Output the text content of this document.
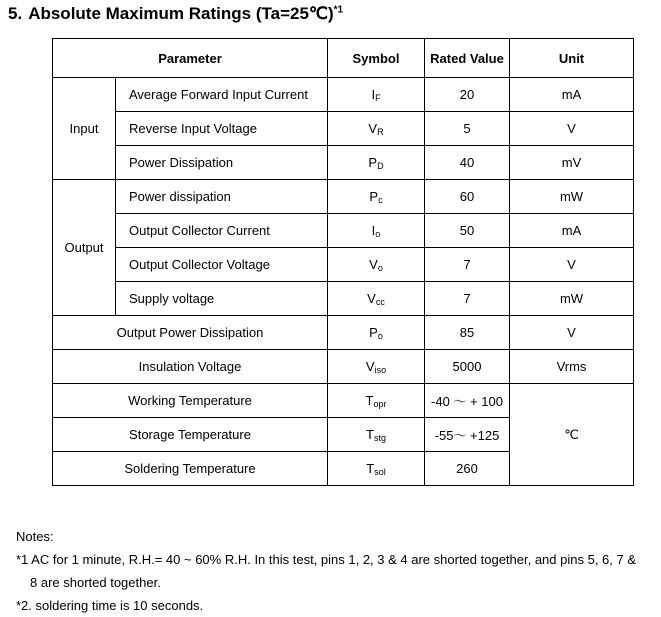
5. Absolute Maximum Ratings (Ta=25℃)$^{*1}$
Parameter		Symbol	Rated Value	Unit
Input	Average Forward Input Current	$I_F$	20	mA
	Reverse Input Voltage	$V_R$	5	V
	Power Dissipation	$P_D$	40	mV
Output	Power dissipation	$P_c$	60	mW
	Output Collector Current	$I_o$	50	mA
	Output Collector Voltage	$V_o$	7	V
	Supply voltage	$V_{cc}$	7	mW
Output Power Dissipation		$P_o$	85	V
Insulation Voltage		$V_{iso}$	5000	Vrms
Working Temperature		$T_{opr}$	-40 ～ + 100	℃
Storage Temperature		$T_{stg}$	-55～ +125	
Soldering Temperature		$T_{sol}$	260	
Notes:
*1 AC for 1 minute, R.H.= 40 ~ 60% R.H. In this test, pins 1, 2, 3 & 4 are shorted together, and pins 5, 6, 7 &
8 are shorted together.
*2. soldering time is 10 seconds.
